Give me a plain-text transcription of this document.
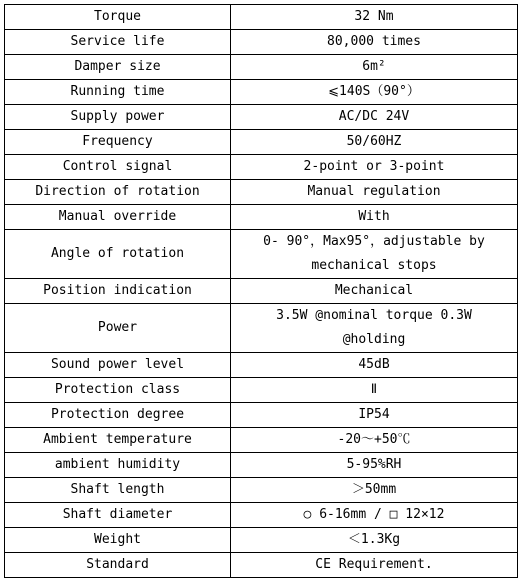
Torque	32 Nm
Service life	80,000 times
Damper size	6m²
Running time	⩽140S（90°）
Supply power	AC/DC 24V
Frequency	50/60HZ
Control signal	2-point or 3-point
Direction of rotation	Manual regulation
Manual override	With
Angle of rotation	0- 90°，Max95°，adjustable by
mechanical stops

Position indication	Mechanical
Power	3.5W @nominal torque 0.3W
@holding

Sound power level	45dB
Protection class	Ⅱ
Protection degree	IP54
Ambient temperature	-20～+50℃
ambient humidity	5-95%RH
Shaft length	＞50mm
Shaft diameter	○ 6-16mm / □ 12×12
Weight	＜1.3Kg
Standard	CE Requirement.
